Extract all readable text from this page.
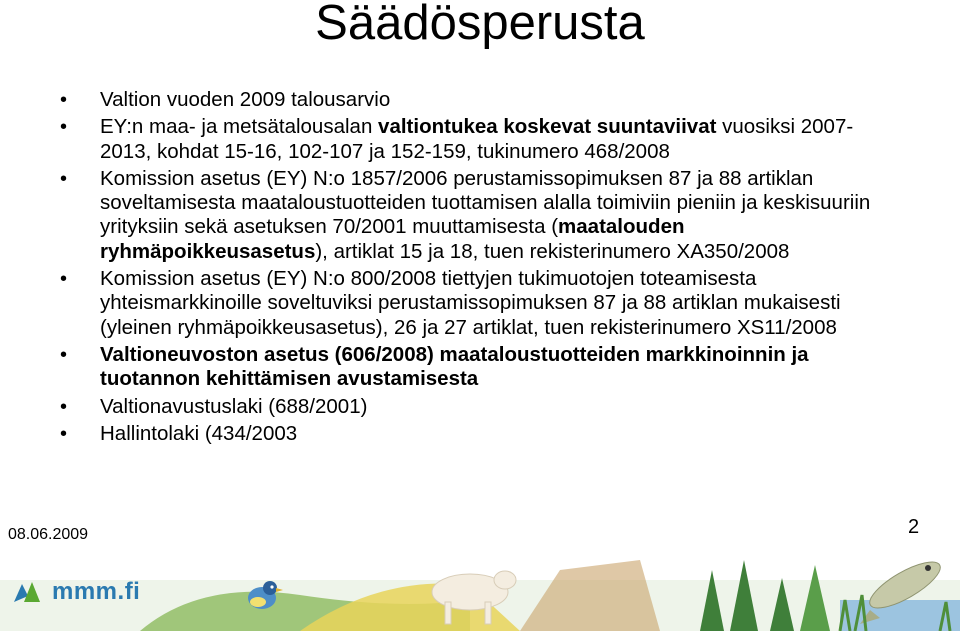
Säädösperusta
• Valtion vuoden 2009 talousarvio
• EY:n maa- ja metsätalousalan valtiontukea koskevat suuntaviivat vuosiksi 2007-2013, kohdat 15-16, 102-107 ja 152-159, tukinumero 468/2008
• Komission asetus (EY) N:o 1857/2006 perustamissopimuksen 87 ja 88 artiklan soveltamisesta maataloustuotteiden tuottamisen alalla toimiviin pieniin ja keskisuuriin yrityksiin sekä asetuksen 70/2001 muuttamisesta (maatalouden ryhmäpoikkeusasetus), artiklat 15 ja 18, tuen rekisterinumero XA350/2008
• Komission asetus (EY) N:o 800/2008 tiettyjen tukimuotojen toteamisesta yhteismarkkinoille soveltuviksi perustamissopimuksen 87 ja 88 artiklan mukaisesti (yleinen ryhmäpoikkeusasetus), 26 ja 27 artiklat, tuen rekisterinumero XS11/2008
• Valtioneuvoston asetus (606/2008) maataloustuotteiden markkinoinnin ja tuotannon kehittämisen avustamisesta
• Valtionavustuslaki (688/2001)
• Hallintolaki (434/2003
08.06.2009	2
mmm.fi
